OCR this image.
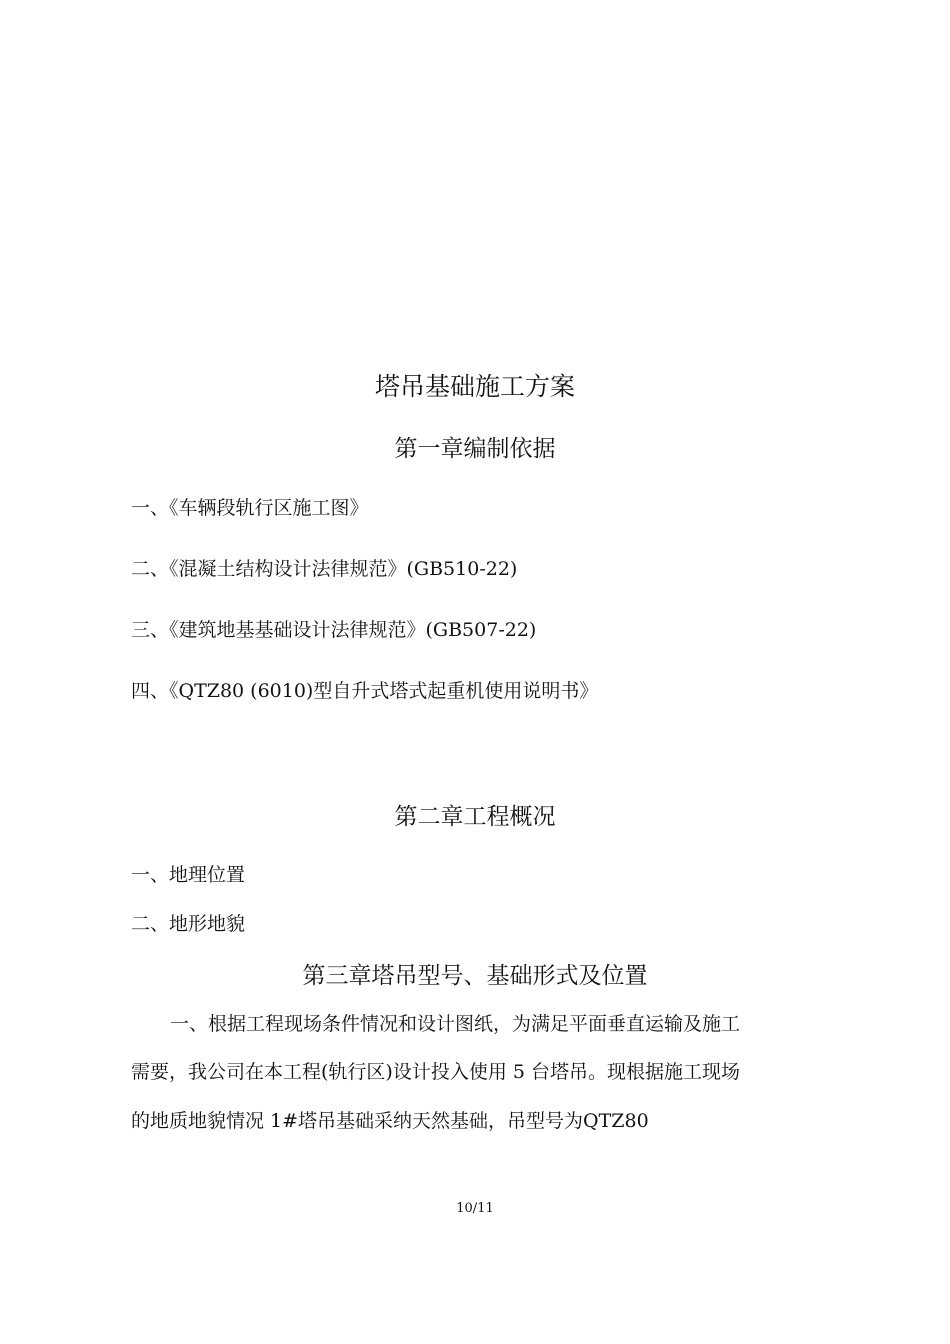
塔吊基础施工方案
第一章编制依据
一、《车辆段轨行区施工图》
二、《混凝土结构设计法律规范》(GB510-22)
三、《建筑地基基础设计法律规范》(GB507-22)
四、《QTZ80 (6010)型自升式塔式起重机使用说明书》
第二章工程概况
一、地理位置
二、地形地貌
第三章塔吊型号、基础形式及位置
一、根据工程现场条件情况和设计图纸，为满足平面垂直运输及施工
需要，我公司在本工程(轨行区)设计投入使用 5 台塔吊。现根据施工现场
的地质地貌情况 1#塔吊基础采纳天然基础，吊型号为QTZ80
10/11
